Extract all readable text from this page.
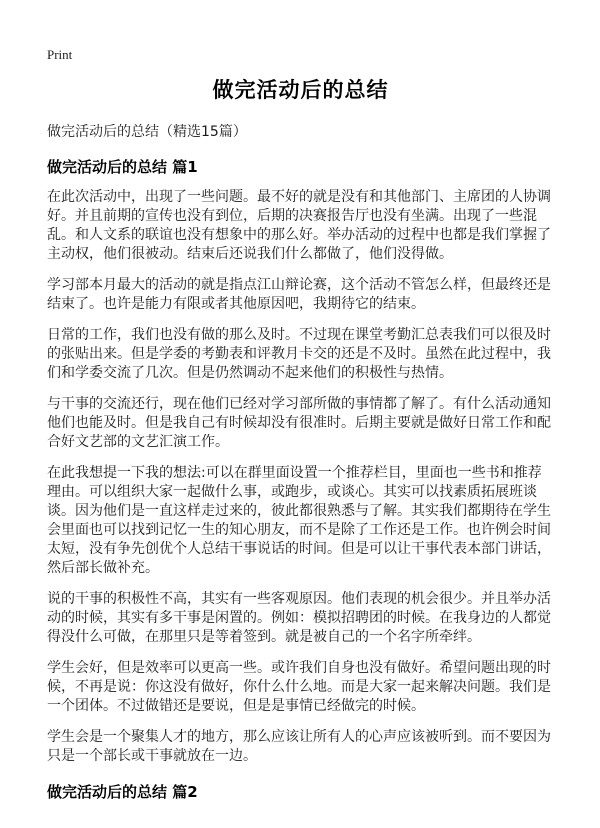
Print
做完活动后的总结
做完活动后的总结（精选15篇）
做完活动后的总结 篇1

在此次活动中，出现了一些问题。最不好的就是没有和其他部门、主席团的人协调好。并且前期的宣传也没有到位，后期的决赛报告厅也没有坐满。出现了一些混乱。和人文系的联谊也没有想象中的那么好。举办活动的过程中也都是我们掌握了主动权，他们很被动。结束后还说我们什么都做了，他们没得做。

学习部本月最大的活动的就是指点江山辩论赛，这个活动不管怎么样，但最终还是结束了。也许是能力有限或者其他原因吧，我期待它的结束。

日常的工作，我们也没有做的那么及时。不过现在课堂考勤汇总表我们可以很及时的张贴出来。但是学委的考勤表和评教月卡交的还是不及时。虽然在此过程中，我们和学委交流了几次。但是仍然调动不起来他们的积极性与热情。

与干事的交流还行，现在他们已经对学习部所做的事情都了解了。有什么活动通知他们也能及时。但是我自己有时候却没有很准时。后期主要就是做好日常工作和配合好文艺部的文艺汇演工作。

在此我想提一下我的想法:可以在群里面设置一个推荐栏目，里面也一些书和推荐理由。可以组织大家一起做什么事，或跑步，或谈心。其实可以找素质拓展班谈谈。因为他们是一直这样走过来的，彼此都很熟悉与了解。其实我们都期待在学生会里面也可以找到记忆一生的知心朋友，而不是除了工作还是工作。也许例会时间太短，没有争先创优个人总结干事说话的时间。但是可以让干事代表本部门讲话，然后部长做补充。

说的干事的积极性不高，其实有一些客观原因。他们表现的机会很少。并且举办活动的时候，其实有多干事是闲置的。例如：模拟招聘团的时候。在我身边的人都觉得没什么可做，在那里只是等着签到。就是被自己的一个名字所牵绊。

学生会好，但是效率可以更高一些。或许我们自身也没有做好。希望问题出现的时候，不再是说：你这没有做好，你什么什么地。而是大家一起来解决问题。我们是一个团体。不过做错还是要说，但是是事情已经做完的时候。

学生会是一个聚集人才的地方，那么应该让所有人的心声应该被听到。而不要因为只是一个部长或干事就放在一边。

做完活动后的总结 篇2
